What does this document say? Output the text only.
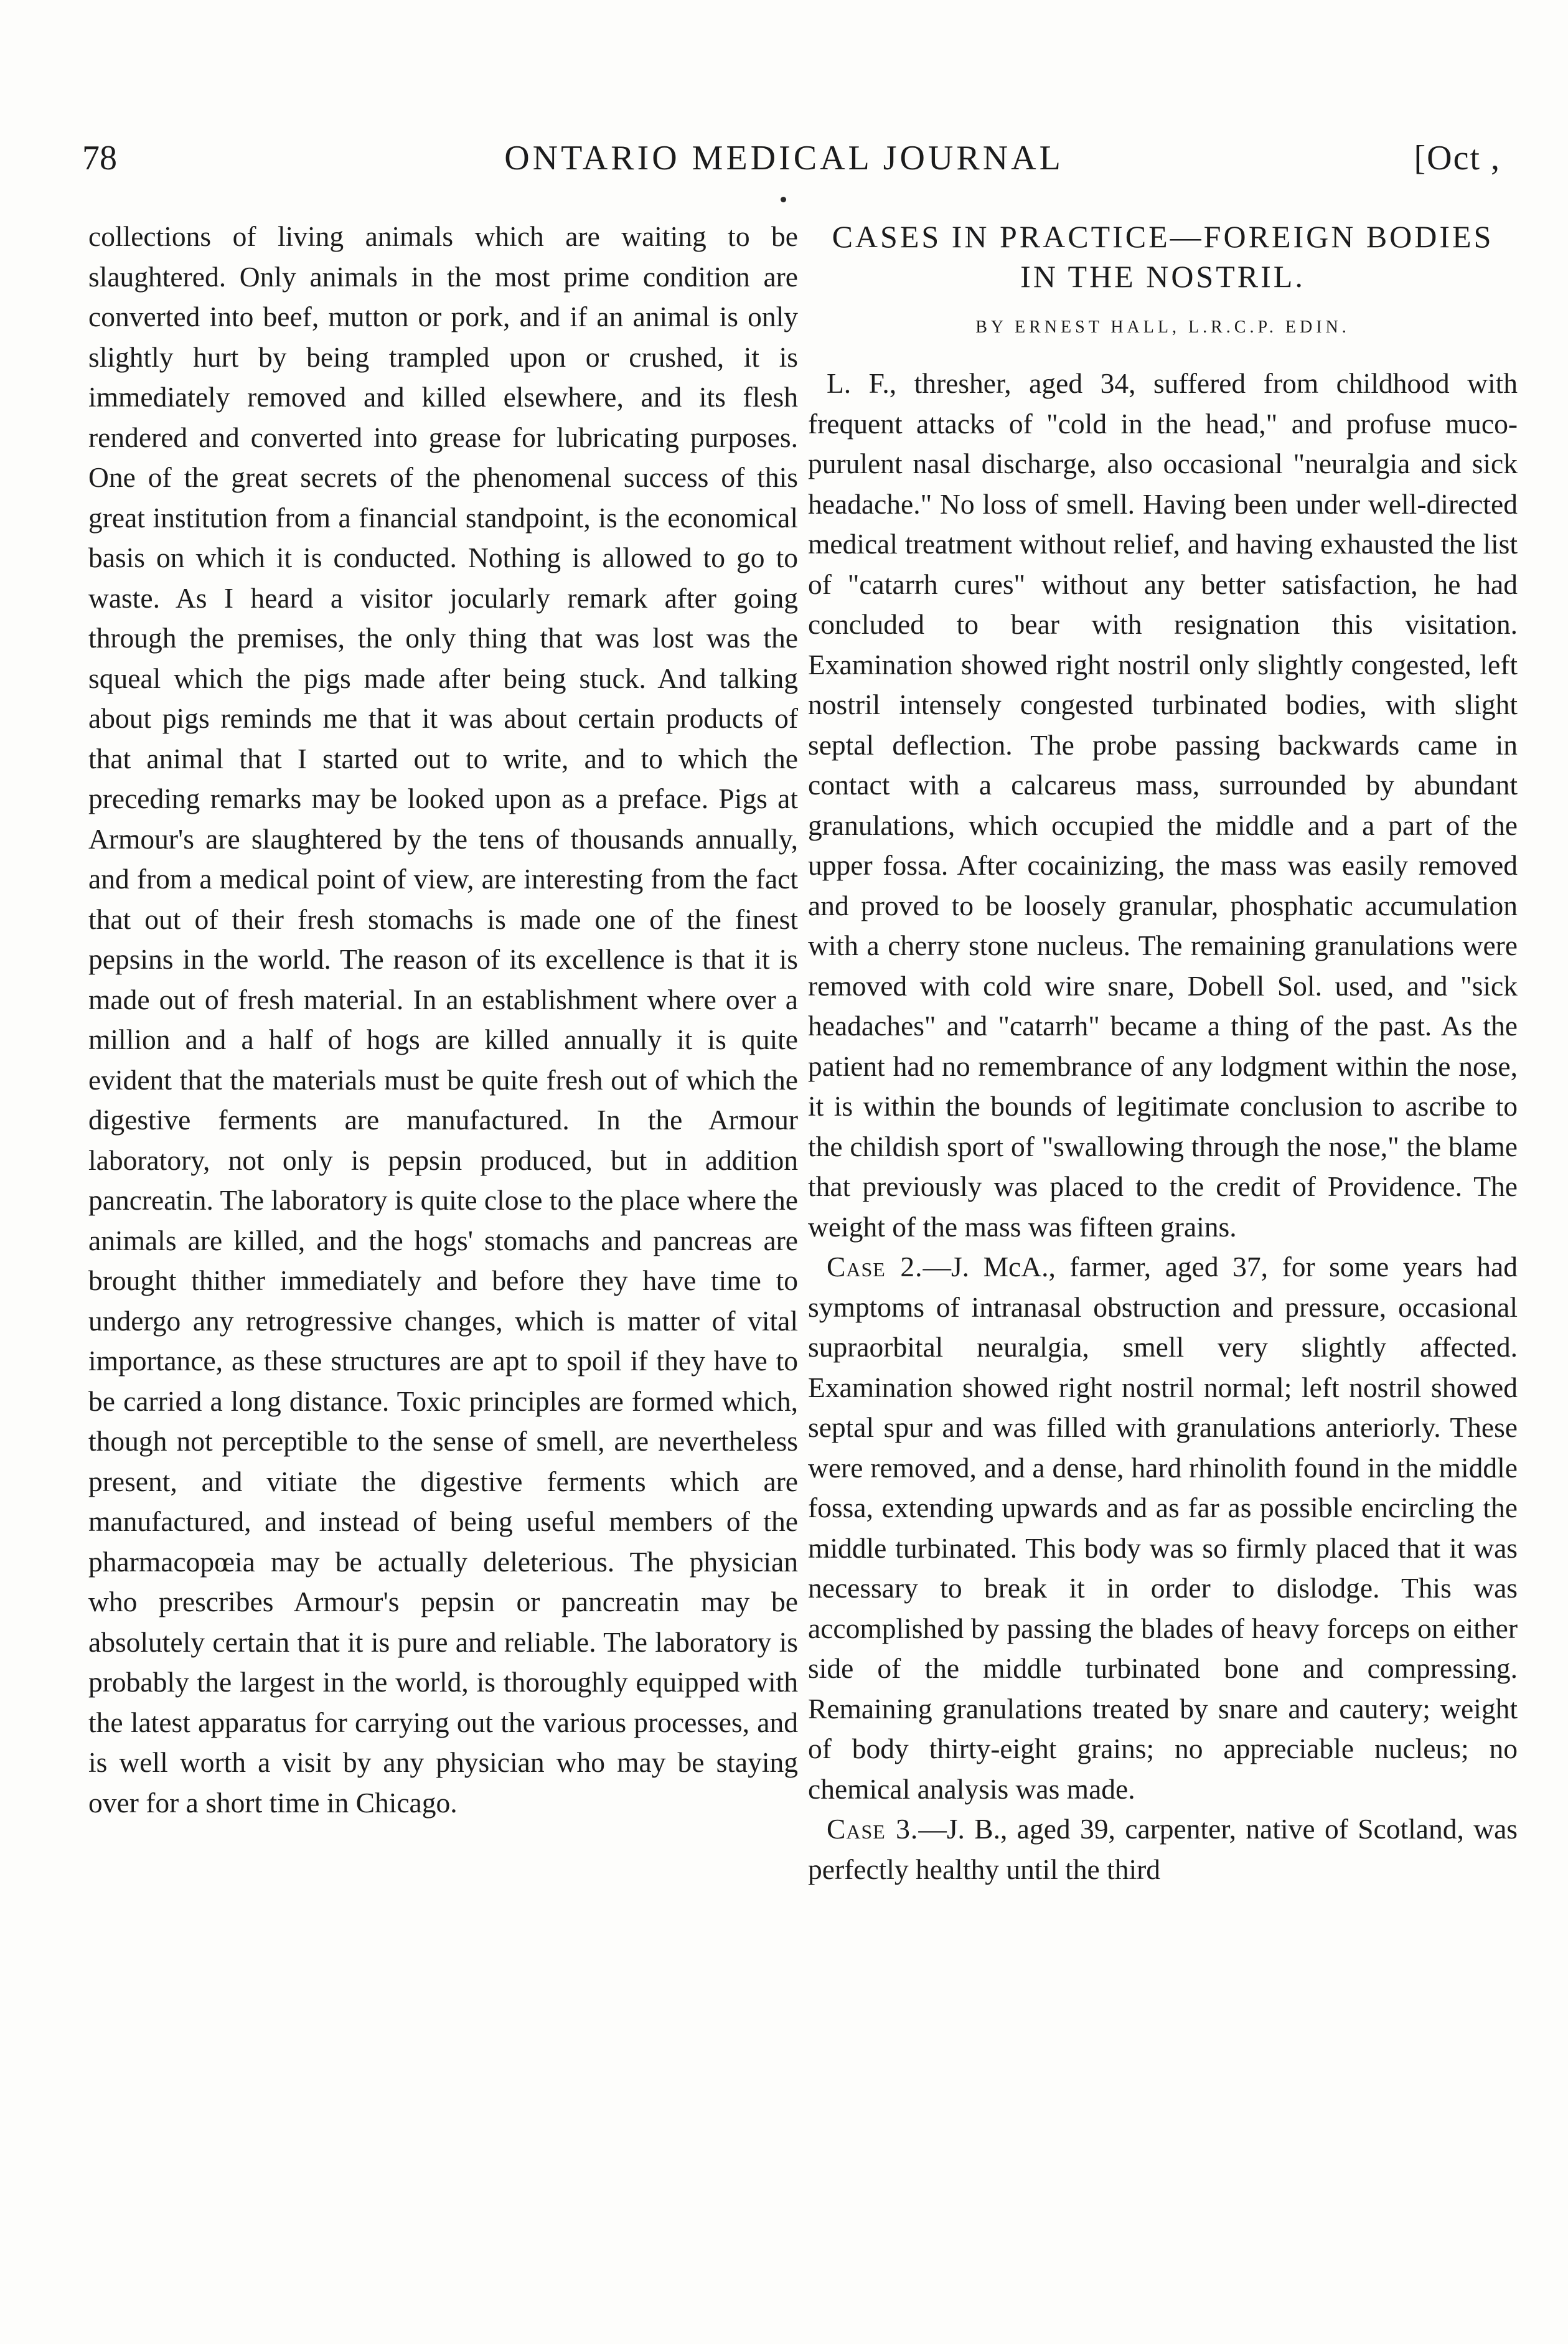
78	ONTARIO MEDICAL JOURNAL	[Oct ,

collections of living animals which are waiting to be slaughtered. Only animals in the most prime condition are converted into beef, mutton or pork, and if an animal is only slightly hurt by being trampled upon or crushed, it is immediately removed and killed elsewhere, and its flesh rendered and converted into grease for lubricating purposes. One of the great secrets of the phenomenal success of this great institution from a financial standpoint, is the economical basis on which it is conducted. Nothing is allowed to go to waste. As I heard a visitor jocularly remark after going through the premises, the only thing that was lost was the squeal which the pigs made after being stuck. And talking about pigs reminds me that it was about certain products of that animal that I started out to write, and to which the preceding remarks may be looked upon as a preface. Pigs at Armour's are slaughtered by the tens of thousands annually, and from a medical point of view, are interesting from the fact that out of their fresh stomachs is made one of the finest pepsins in the world. The reason of its excellence is that it is made out of fresh material. In an establishment where over a million and a half of hogs are killed annually it is quite evident that the materials must be quite fresh out of which the digestive ferments are manufactured. In the Armour laboratory, not only is pepsin produced, but in addition pancreatin. The laboratory is quite close to the place where the animals are killed, and the hogs' stomachs and pancreas are brought thither immediately and before they have time to undergo any retrogressive changes, which is matter of vital importance, as these structures are apt to spoil if they have to be carried a long distance. Toxic principles are formed which, though not perceptible to the sense of smell, are nevertheless present, and vitiate the digestive ferments which are manufactured, and instead of being useful members of the pharmacopœia may be actually deleterious. The physician who prescribes Armour's pepsin or pancreatin may be absolutely certain that it is pure and reliable. The laboratory is probably the largest in the world, is thoroughly equipped with the latest apparatus for carrying out the various processes, and is well worth a visit by any physician who may be staying over for a short time in Chicago.

CASES IN PRACTICE—FOREIGN BODIES IN THE NOSTRIL.
BY ERNEST HALL, L.R.C.P. EDIN.

L. F., thresher, aged 34, suffered from childhood with frequent attacks of "cold in the head," and profuse muco-purulent nasal discharge, also occasional "neuralgia and sick headache." No loss of smell. Having been under well-directed medical treatment without relief, and having exhausted the list of "catarrh cures" without any better satisfaction, he had concluded to bear with resignation this visitation. Examination showed right nostril only slightly congested, left nostril intensely congested turbinated bodies, with slight septal deflection. The probe passing backwards came in contact with a calcareus mass, surrounded by abundant granulations, which occupied the middle and a part of the upper fossa. After cocainizing, the mass was easily removed and proved to be loosely granular, phosphatic accumulation with a cherry stone nucleus. The remaining granulations were removed with cold wire snare, Dobell Sol. used, and "sick headaches" and "catarrh" became a thing of the past. As the patient had no remembrance of any lodgment within the nose, it is within the bounds of legitimate conclusion to ascribe to the childish sport of "swallowing through the nose," the blame that previously was placed to the credit of Providence. The weight of the mass was fifteen grains.

Case 2.—J. McA., farmer, aged 37, for some years had symptoms of intranasal obstruction and pressure, occasional supraorbital neuralgia, smell very slightly affected. Examination showed right nostril normal; left nostril showed septal spur and was filled with granulations anteriorly. These were removed, and a dense, hard rhinolith found in the middle fossa, extending upwards and as far as possible encircling the middle turbinated. This body was so firmly placed that it was necessary to break it in order to dislodge. This was accomplished by passing the blades of heavy forceps on either side of the middle turbinated bone and compressing. Remaining granulations treated by snare and cautery; weight of body thirty-eight grains; no appreciable nucleus; no chemical analysis was made.

Case 3.—J. B., aged 39, carpenter, native of Scotland, was perfectly healthy until the third
